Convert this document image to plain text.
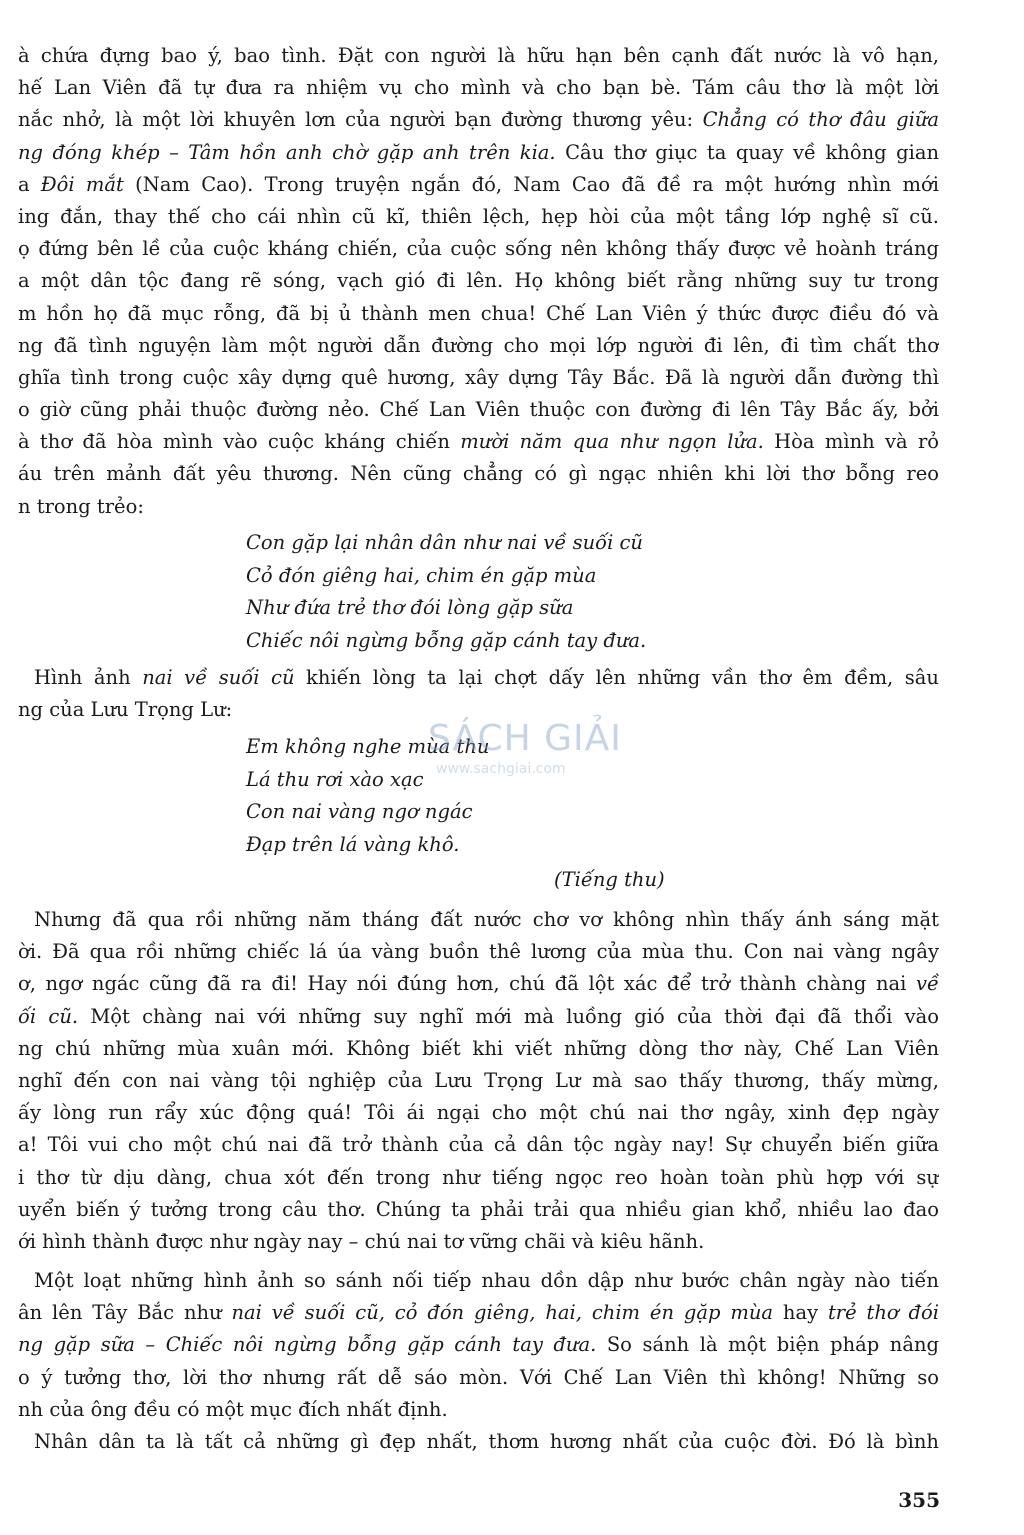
à chứa đựng bao ý, bao tình. Đặt con người là hữu hạn bên cạnh đất nước là vô hạn,
hế Lan Viên đã tự đưa ra nhiệm vụ cho mình và cho bạn bè. Tám câu thơ là một lời
nắc nhở, là một lời khuyên lơn của người bạn đường thương yêu: Chẳng có thơ đâu giữa
ng đóng khép – Tâm hồn anh chờ gặp anh trên kia. Câu thơ giục ta quay về không gian
a Đôi mắt (Nam Cao). Trong truyện ngắn đó, Nam Cao đã đề ra một hướng nhìn mới
ing đắn, thay thế cho cái nhìn cũ kĩ, thiên lệch, hẹp hòi của một tầng lớp nghệ sĩ cũ.
ọ đứng bên lề của cuộc kháng chiến, của cuộc sống nên không thấy được vẻ hoành tráng
a một dân tộc đang rẽ sóng, vạch gió đi lên. Họ không biết rằng những suy tư trong
m hồn họ đã mục rỗng, đã bị ủ thành men chua! Chế Lan Viên ý thức được điều đó và
ng đã tình nguyện làm một người dẫn đường cho mọi lớp người đi lên, đi tìm chất thơ
ghĩa tình trong cuộc xây dựng quê hương, xây dựng Tây Bắc. Đã là người dẫn đường thì
o giờ cũng phải thuộc đường nẻo. Chế Lan Viên thuộc con đường đi lên Tây Bắc ấy, bởi
à thơ đã hòa mình vào cuộc kháng chiến mười năm qua như ngọn lửa. Hòa mình và rỏ
áu trên mảnh đất yêu thương. Nên cũng chẳng có gì ngạc nhiên khi lời thơ bỗng reo
n trong trẻo:
Con gặp lại nhân dân như nai về suối cũ
Cỏ đón giêng hai, chim én gặp mùa
Như đứa trẻ thơ đói lòng gặp sữa
Chiếc nôi ngừng bỗng gặp cánh tay đưa.
Hình ảnh nai về suối cũ khiến lòng ta lại chợt dấy lên những vần thơ êm đềm, sâu
ng của Lưu Trọng Lư:
Em không nghe mùa thu
Lá thu rơi xào xạc
Con nai vàng ngơ ngác
Đạp trên lá vàng khô.
(Tiếng thu)
Nhưng đã qua rồi những năm tháng đất nước chơ vơ không nhìn thấy ánh sáng mặt
ời. Đã qua rồi những chiếc lá úa vàng buồn thê lương của mùa thu. Con nai vàng ngây
ơ, ngơ ngác cũng đã ra đi! Hay nói đúng hơn, chú đã lột xác để trở thành chàng nai về
ối cũ. Một chàng nai với những suy nghĩ mới mà luồng gió của thời đại đã thổi vào
ng chú những mùa xuân mới. Không biết khi viết những dòng thơ này, Chế Lan Viên
nghĩ đến con nai vàng tội nghiệp của Lưu Trọng Lư mà sao thấy thương, thấy mừng,
ấy lòng run rẩy xúc động quá! Tôi ái ngại cho một chú nai thơ ngây, xinh đẹp ngày
a! Tôi vui cho một chú nai đã trở thành của cả dân tộc ngày nay! Sự chuyển biến giữa
i thơ từ dịu dàng, chua xót đến trong như tiếng ngọc reo hoàn toàn phù hợp với sự
uyển biến ý tưởng trong câu thơ. Chúng ta phải trải qua nhiều gian khổ, nhiều lao đao
ới hình thành được như ngày nay – chú nai tơ vững chãi và kiêu hãnh.
Một loạt những hình ảnh so sánh nối tiếp nhau dồn dập như bước chân ngày nào tiến
ân lên Tây Bắc như nai về suối cũ, cỏ đón giêng, hai, chim én gặp mùa hay trẻ thơ đói
ng gặp sữa – Chiếc nôi ngừng bỗng gặp cánh tay đưa. So sánh là một biện pháp nâng
o ý tưởng thơ, lời thơ nhưng rất dễ sáo mòn. Với Chế Lan Viên thì không! Những so
nh của ông đều có một mục đích nhất định.
Nhân dân ta là tất cả những gì đẹp nhất, thơm hương nhất của cuộc đời. Đó là bình
SÁCH GIẢI
www.sachgiai.com
355
